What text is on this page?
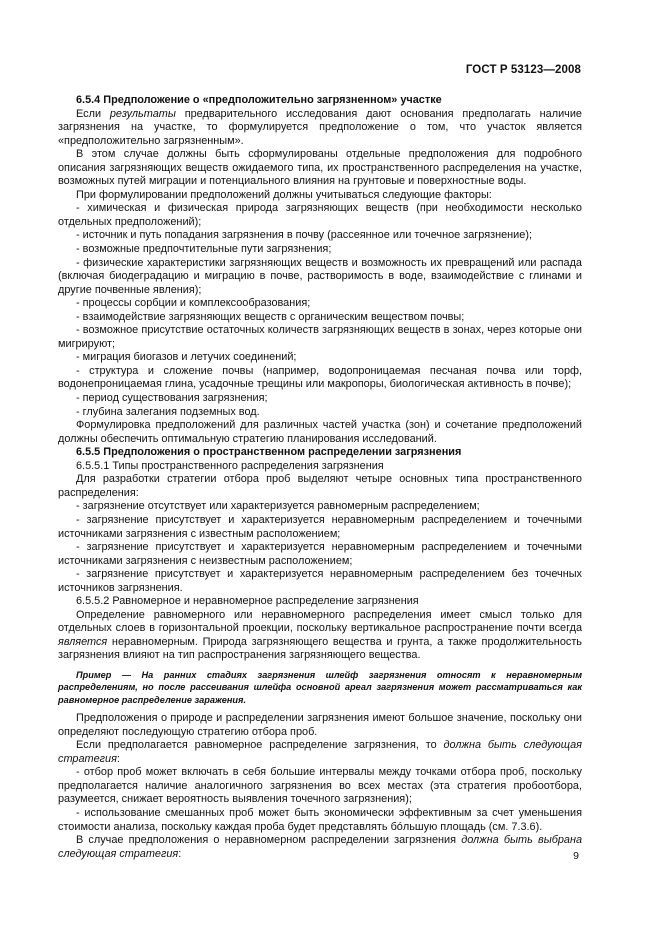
ГОСТ Р 53123—2008

6.5.4 Предположение о «предположительно загрязненном» участке

Если результаты предварительного исследования дают основания предполагать наличие загрязнения на участке, то формулируется предположение о том, что участок является «предположительно загрязненным».

В этом случае должны быть сформулированы отдельные предположения для подробного описания загрязняющих веществ ожидаемого типа, их пространственного распределения на участке, возможных путей миграции и потенциального влияния на грунтовые и поверхностные воды.

При формулировании предположений должны учитываться следующие факторы:

- химическая и физическая природа загрязняющих веществ (при необходимости несколько отдельных предположений);

- источник и путь попадания загрязнения в почву (рассеянное или точечное загрязнение);

- возможные предпочтительные пути загрязнения;

- физические характеристики загрязняющих веществ и возможность их превращений или распада (включая биодеградацию и миграцию в почве, растворимость в воде, взаимодействие с глинами и другие почвенные явления);

- процессы сорбции и комплексообразования;

- взаимодействие загрязняющих веществ с органическим веществом почвы;

- возможное присутствие остаточных количеств загрязняющих веществ в зонах, через которые они мигрируют;

- миграция биогазов и летучих соединений;

- структура и сложение почвы (например, водопроницаемая песчаная почва или торф, водонепроницаемая глина, усадочные трещины или макропоры, биологическая активность в почве);

- период существования загрязнения;

- глубина залегания подземных вод.

Формулировка предположений для различных частей участка (зон) и сочетание предположений должны обеспечить оптимальную стратегию планирования исследований.

6.5.5 Предположения о пространственном распределении загрязнения

6.5.5.1 Типы пространственного распределения загрязнения

Для разработки стратегии отбора проб выделяют четыре основных типа пространственного распределения:

- загрязнение отсутствует или характеризуется равномерным распределением;

- загрязнение присутствует и характеризуется неравномерным распределением и точечными источниками загрязнения с известным расположением;

- загрязнение присутствует и характеризуется неравномерным распределением и точечными источниками загрязнения с неизвестным расположением;

- загрязнение присутствует и характеризуется неравномерным распределением без точечных источников загрязнения.

6.5.5.2 Равномерное и неравномерное распределение загрязнения

Определение равномерного или неравномерного распределения имеет смысл только для отдельных слоев в горизонтальной проекции, поскольку вертикальное распространение почти всегда является неравномерным. Природа загрязняющего вещества и грунта, а также продолжительность загрязнения влияют на тип распространения загрязняющего вещества.

Пример — На ранних стадиях загрязнения шлейф загрязнения относят к неравномерным распределениям, но после рассеивания шлейфа основной ареал загрязнения может рассматриваться как равномерное распределение заражения.

Предположения о природе и распределении загрязнения имеют большое значение, поскольку они определяют последующую стратегию отбора проб.

Если предполагается равномерное распределение загрязнения, то должна быть следующая стратегия:

- отбор проб может включать в себя большие интервалы между точками отбора проб, поскольку предполагается наличие аналогичного загрязнения во всех местах (эта стратегия пробоотбора, разумеется, снижает вероятность выявления точечного загрязнения);

- использование смешанных проб может быть экономически эффективным за счет уменьшения стоимости анализа, поскольку каждая проба будет представлять бóльшую площадь (см. 7.3.6).

В случае предположения о неравномерном распределении загрязнения должна быть выбрана следующая стратегия:	9
